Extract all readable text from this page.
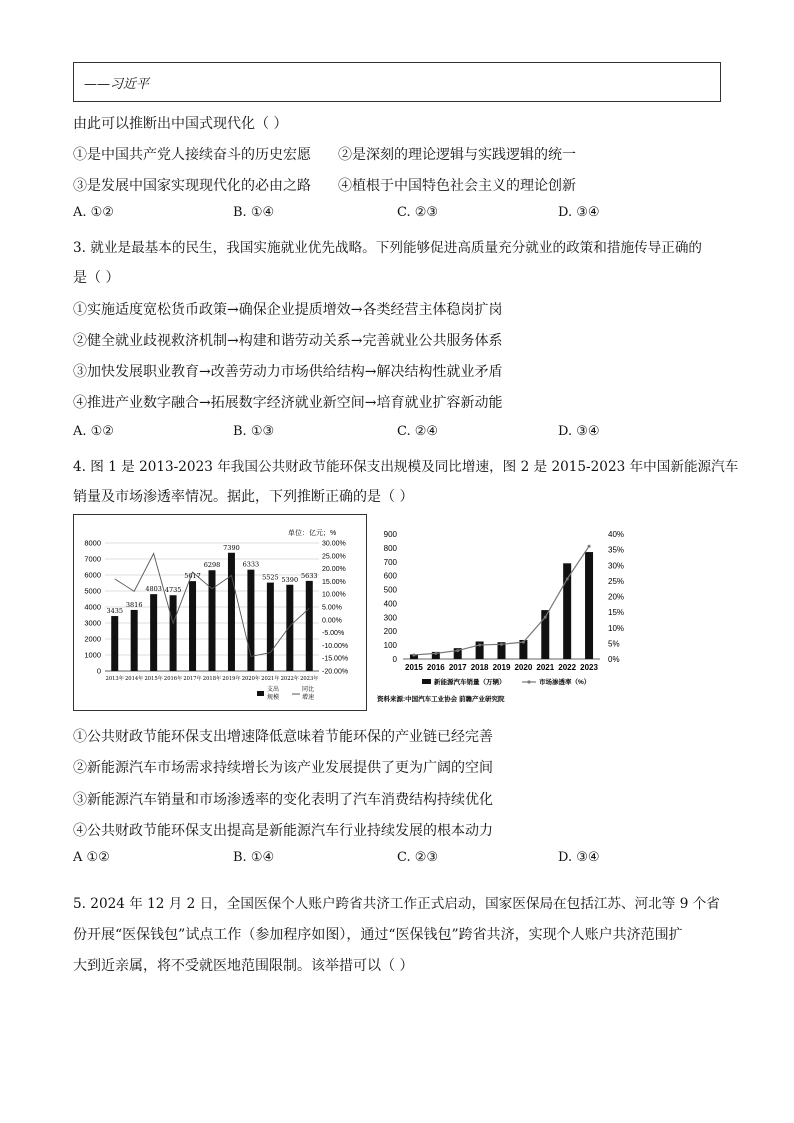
——习近平
由此可以推断出中国式现代化（ ）
①是中国共产党人接续奋斗的历史宏愿 ②是深刻的理论逻辑与实践逻辑的统一
③是发展中国家实现现代化的必由之路 ④植根于中国特色社会主义的理论创新
A. ①②	B. ①④	C. ②③	D. ③④
3. 就业是最基本的民生，我国实施就业优先战略。下列能够促进高质量充分就业的政策和措施传导正确的
是（ ）
①实施适度宽松货币政策→确保企业提质增效→各类经营主体稳岗扩岗
②健全就业歧视救济机制→构建和谐劳动关系→完善就业公共服务体系
③加快发展职业教育→改善劳动力市场供给结构→解决结构性就业矛盾
④推进产业数字融合→拓展数字经济就业新空间→培育就业扩容新动能
A. ①②	B. ①③	C. ②④	D. ③④
4. 图 1 是 2013-2023 年我国公共财政节能环保支出规模及同比增速，图 2 是 2015-2023 年中国新能源汽车
销量及市场渗透率情况。据此，下列推断正确的是（ ）
单位：亿元；%
3435
3816
4803 4735
5617
6298
7390
6333
5525 5390 5633
0
1000
2000
3000
4000
5000
6000
7000
8000
-20.00%
-15.00%
-10.00%
-5.00%
0.00%
5.00%
10.00%
15.00%
20.00%
25.00%
30.00%
2013年 2014年 2015年 2016年 2017年 2018年 2019年 2020年 2021年 2022年 2023年
支出规模
同比增速
0
100
200
300
400
500
600
700
800
900
0%
5%
10%
15%
20%
25%
30%
35%
40%
2015 2016 2017 2018 2019 2020 2021 2022 2023
新能源汽车销量（万辆）	市场渗透率（%）
资料来源:中国汽车工业协会 前瞻产业研究院
①公共财政节能环保支出增速降低意味着节能环保的产业链已经完善
②新能源汽车市场需求持续增长为该产业发展提供了更为广阔的空间
③新能源汽车销量和市场渗透率的变化表明了汽车消费结构持续优化
④公共财政节能环保支出提高是新能源汽车行业持续发展的根本动力
A ①②	B. ①④	C. ②③	D. ③④
5. 2024 年 12 月 2 日，全国医保个人账户跨省共济工作正式启动，国家医保局在包括江苏、河北等 9 个省
份开展“医保钱包”试点工作（参加程序如图），通过“医保钱包”跨省共济，实现个人账户共济范围扩
大到近亲属，将不受就医地范围限制。该举措可以（ ）
